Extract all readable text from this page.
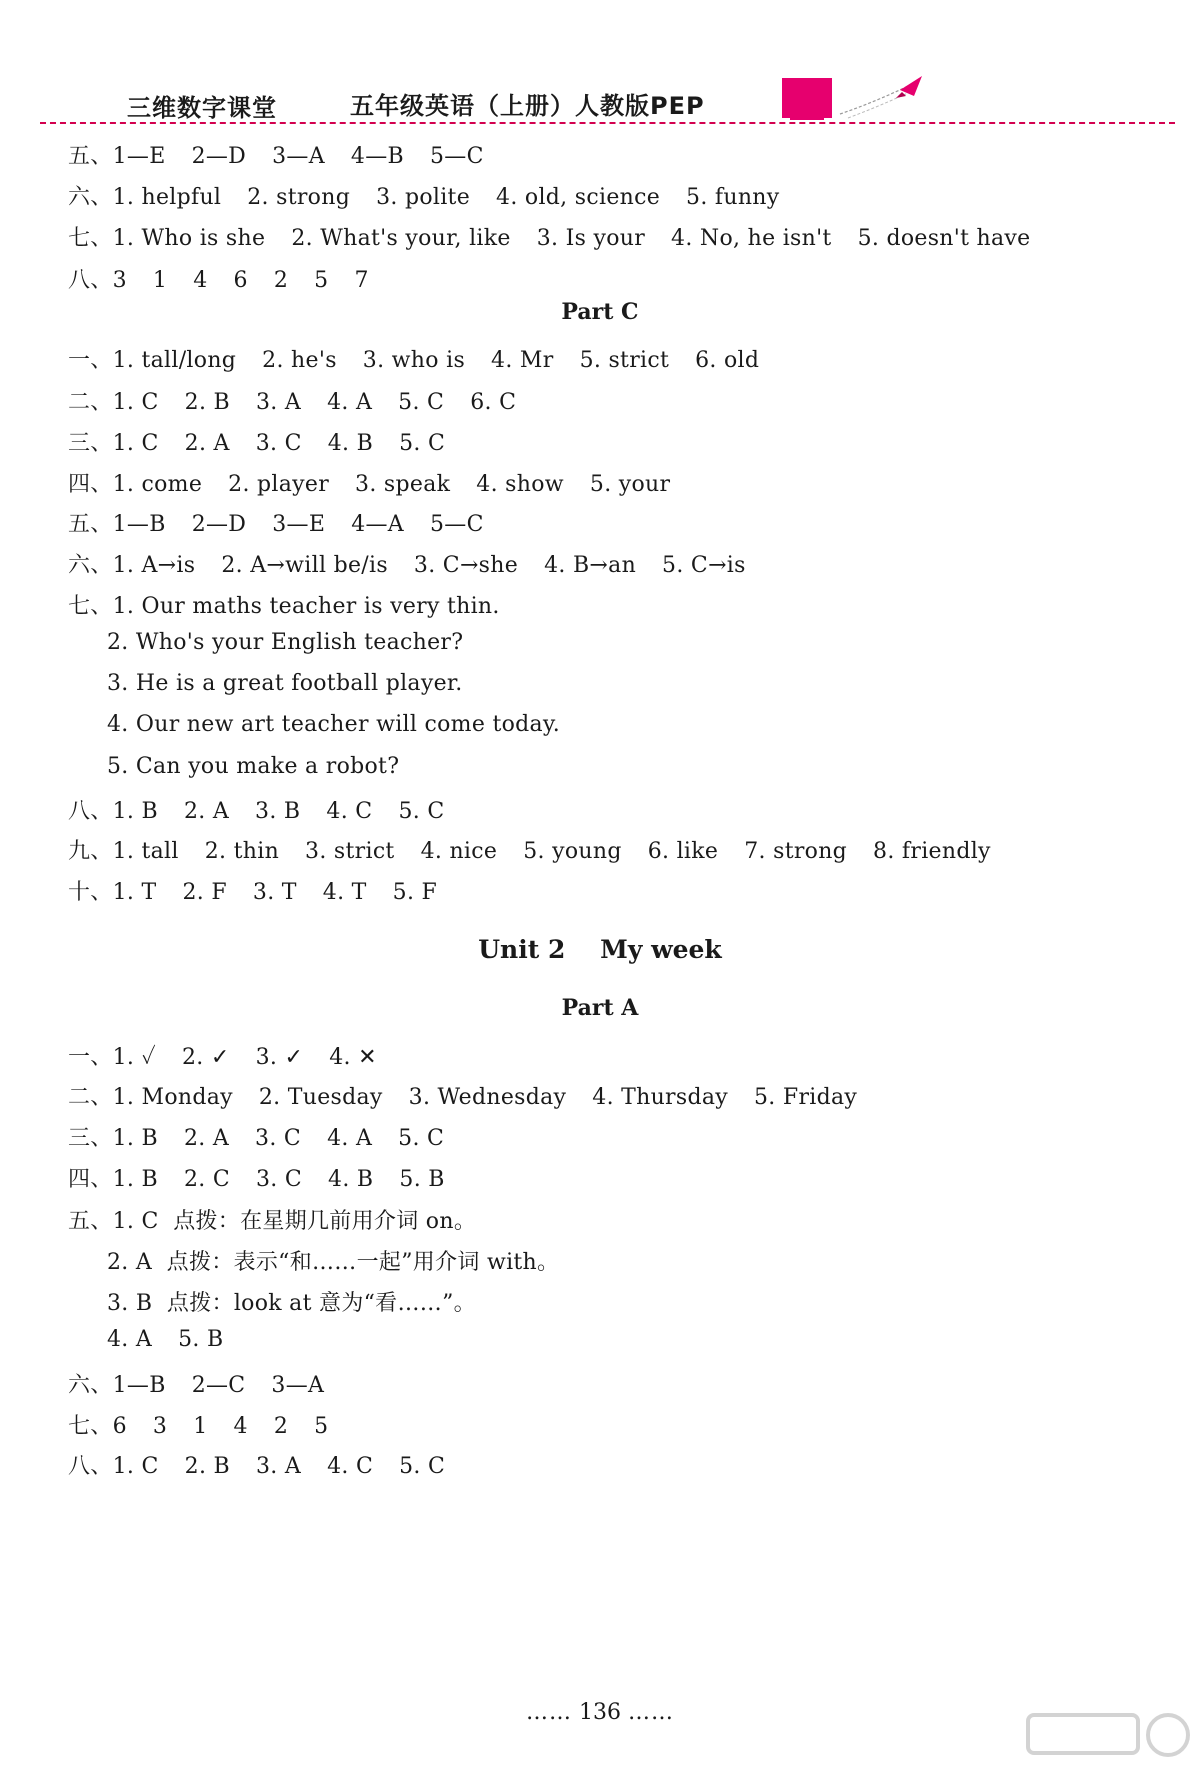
三维数字课堂	五年级英语（上册）人教版PEP
五、1—E 2—D 3—A 4—B 5—C
六、1. helpful 2. strong 3. polite 4. old, science 5. funny
七、1. Who is she 2. What's your, like 3. Is your 4. No, he isn't 5. doesn't have
八、3 1 4 6 2 5 7
Part C
一、1. tall/long 2. he's 3. who is 4. Mr 5. strict 6. old
二、1. C 2. B 3. A 4. A 5. C 6. C
三、1. C 2. A 3. C 4. B 5. C
四、1. come 2. player 3. speak 4. show 5. your
五、1—B 2—D 3—E 4—A 5—C
六、1. A→is 2. A→will be/is 3. C→she 4. B→an 5. C→is
七、1. Our maths teacher is very thin.
2. Who's your English teacher?
3. He is a great football player.
4. Our new art teacher will come today.
5. Can you make a robot?
八、1. B 2. A 3. B 4. C 5. C
九、1. tall 2. thin 3. strict 4. nice 5. young 6. like 7. strong 8. friendly
十、1. T 2. F 3. T 4. T 5. F
Unit 2    My week
Part A
一、1. ✓ 2. ✓ 3. ✓ 4. ✕
二、1. Monday 2. Tuesday 3. Wednesday 4. Thursday 5. Friday
三、1. B 2. A 3. C 4. A 5. C
四、1. B 2. C 3. C 4. B 5. B
五、1. C  点拨：在星期几前用介词 on。
2. A  点拨：表示“和……一起”用介词 with。
3. B  点拨：look at 意为“看……”。
4. A 5. B
六、1—B 2—C 3—A
七、6 3 1 4 2 5
八、1. C 2. B 3. A 4. C 5. C
…… 136 ……
